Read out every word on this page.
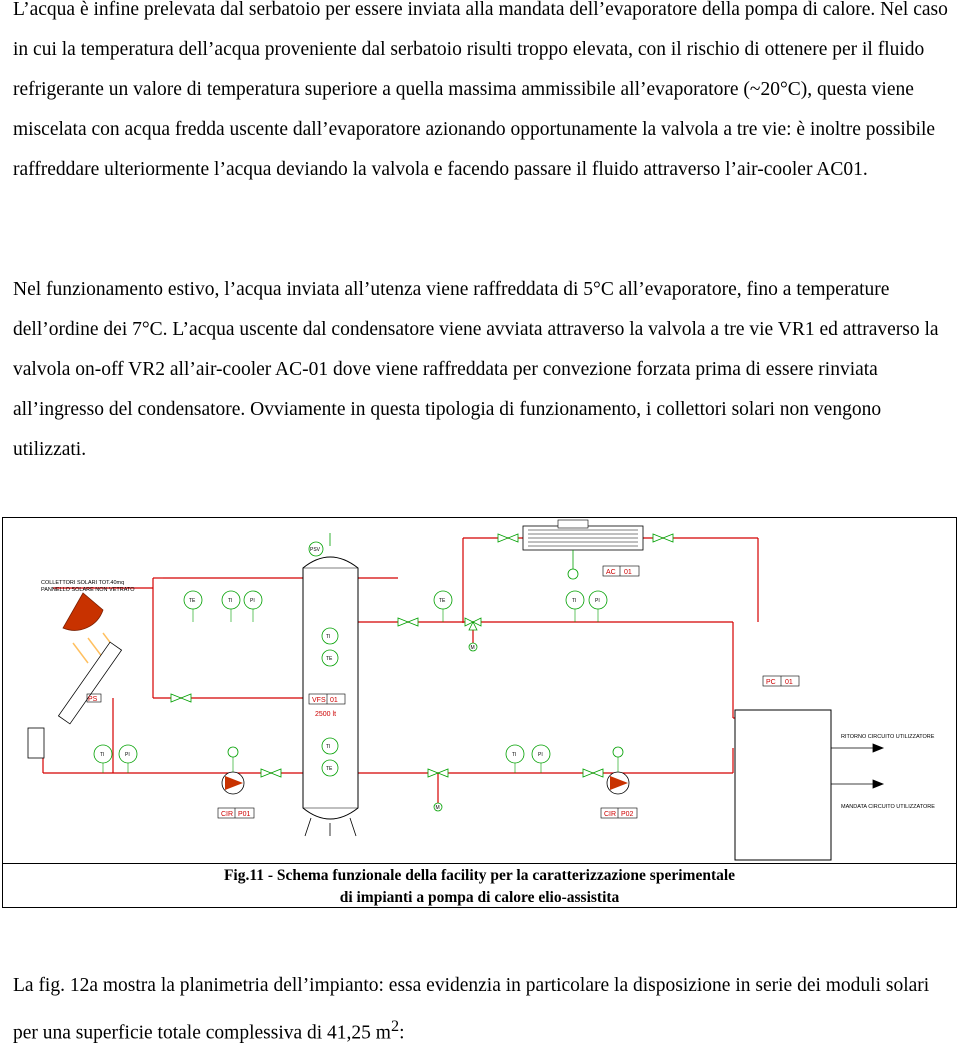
L’acqua è infine prelevata dal serbatoio per essere inviata alla mandata dell’evaporatore della pompa di calore. Nel caso in cui la temperatura dell’acqua proveniente dal serbatoio risulti troppo elevata, con il rischio di ottenere per il fluido refrigerante un valore di temperatura superiore a quella massima ammissibile all’evaporatore (~20°C), questa viene miscelata con acqua fredda uscente dall’evaporatore azionando opportunamente la valvola a tre vie: è inoltre possibile raffreddare ulteriormente l’acqua deviando la valvola e facendo passare il fluido attraverso l’air-cooler AC01.

Nel funzionamento estivo, l’acqua inviata all’utenza viene raffreddata di 5°C all’evaporatore, fino a temperature dell’ordine dei 7°C. L’acqua uscente dal condensatore viene avviata attraverso la valvola a tre vie VR1 ed attraverso la valvola on-off VR2 all’air-cooler AC-01 dove viene raffreddata per convezione forzata prima di essere rinviata all’ingresso del condensatore. Ovviamente in questa tipologia di funzionamento, i collettori solari non vengono utilizzati.

VFS 01
2500 lt
TI
TE
TI
TE
PSV
AC 01
PC 01
RITORNO CIRCUITO UTILIZZATORE
MANDATA CIRCUITO UTILIZZATORE
PS
COLLETTORI SOLARI TOT.40mq
PANNELLO SOLARE NON VETRATO
TE	TI	PI	TE	TI	PI
TI	PI	TI	PI
CIR P01	CIR P02
M
M
Fig.11 - Schema funzionale della facility per la caratterizzazione sperimentale
di impianti a pompa di calore elio-assistita

La fig. 12a mostra la planimetria dell’impianto: essa evidenzia in particolare la disposizione in serie dei moduli solari per una superficie totale complessiva di 41,25 $m^2$:
